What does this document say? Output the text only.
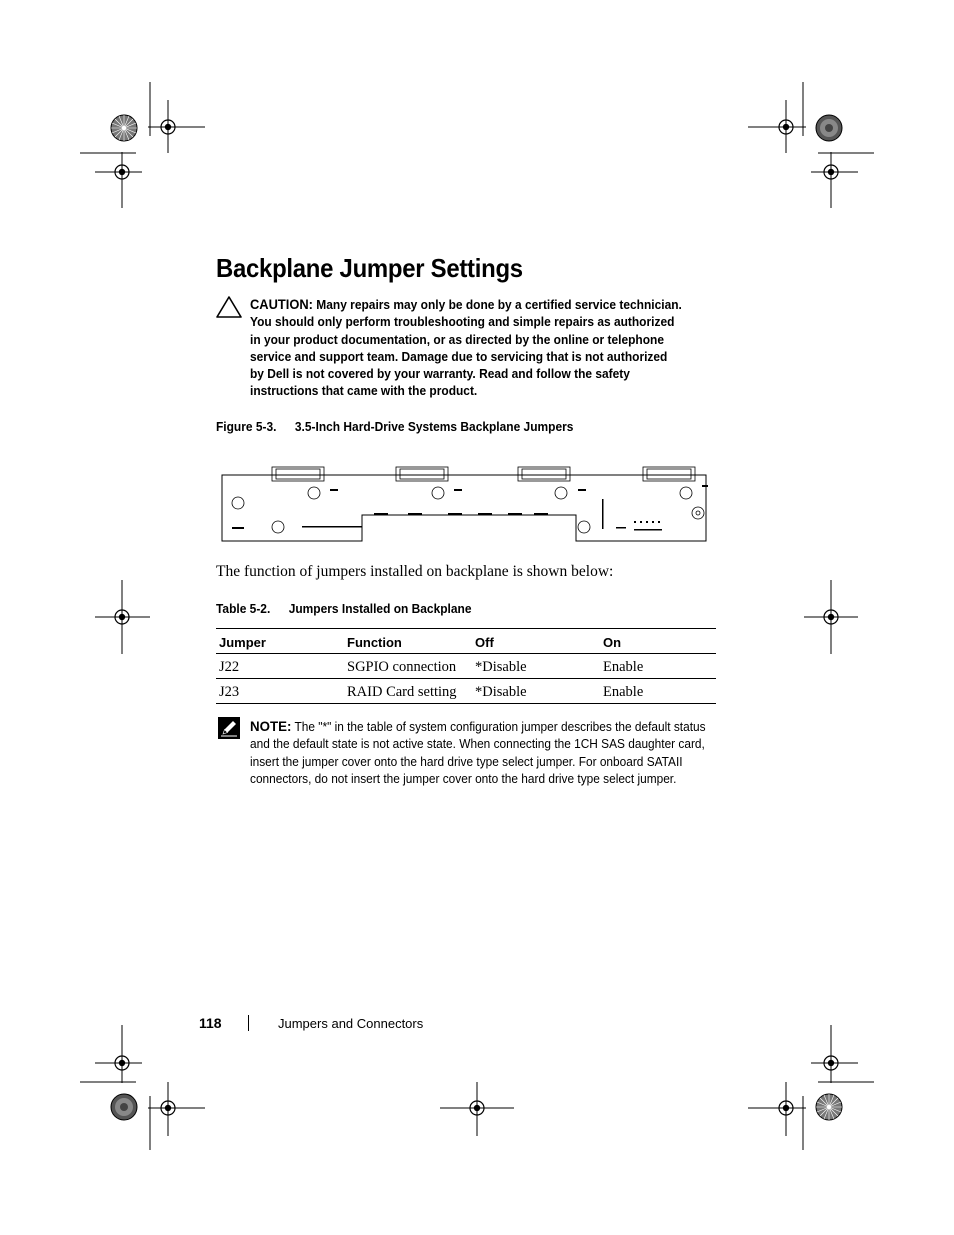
Backplane Jumper Settings
CAUTION: Many repairs may only be done by a certified service technician. You should only perform troubleshooting and simple repairs as authorized in your product documentation, or as directed by the online or telephone service and support team. Damage due to servicing that is not authorized by Dell is not covered by your warranty. Read and follow the safety instructions that came with the product.
Figure 5-3. 3.5-Inch Hard-Drive Systems Backplane Jumpers
The function of jumpers installed on backplane is shown below:
Table 5-2. Jumpers Installed on Backplane
Jumper	Function	Off	On
J22	SGPIO connection	*Disable	Enable
J23	RAID Card setting	*Disable	Enable
NOTE: The "*" in the table of system configuration jumper describes the default status and the default state is not active state. When connecting the 1CH SAS daughter card, insert the jumper cover onto the hard drive type select jumper. For onboard SATAII connectors, do not insert the jumper cover onto the hard drive type select jumper.
118	Jumpers and Connectors
